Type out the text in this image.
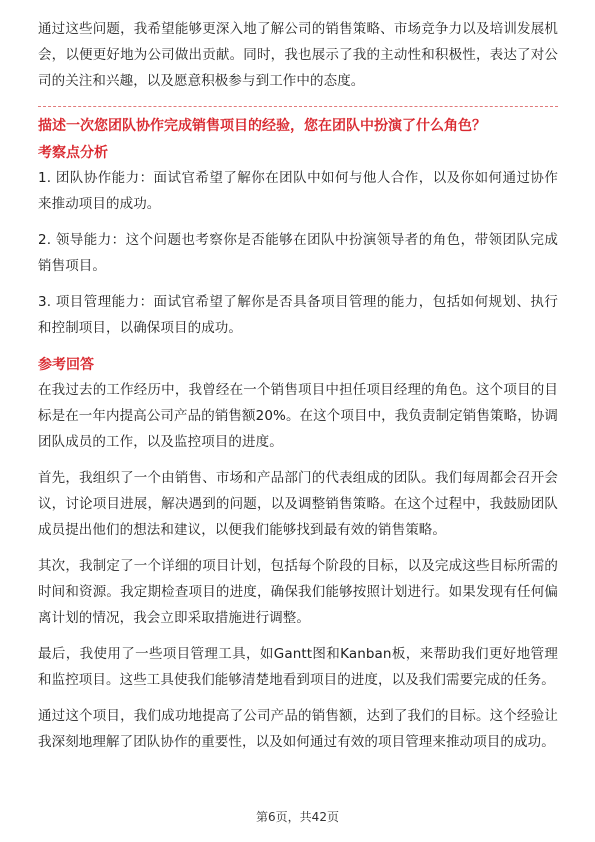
通过这些问题，我希望能够更深入地了解公司的销售策略、市场竞争力以及培训发展机会，以便更好地为公司做出贡献。同时，我也展示了我的主动性和积极性，表达了对公司的关注和兴趣，以及愿意积极参与到工作中的态度。

描述一次您团队协作完成销售项目的经验，您在团队中扮演了什么角色？
考察点分析

1. 团队协作能力：面试官希望了解你在团队中如何与他人合作，以及你如何通过协作来推动项目的成功。

2. 领导能力：这个问题也考察你是否能够在团队中扮演领导者的角色，带领团队完成销售项目。

3. 项目管理能力：面试官希望了解你是否具备项目管理的能力，包括如何规划、执行和控制项目，以确保项目的成功。

参考回答

在我过去的工作经历中，我曾经在一个销售项目中担任项目经理的角色。这个项目的目标是在一年内提高公司产品的销售额20%。在这个项目中，我负责制定销售策略，协调团队成员的工作，以及监控项目的进度。

首先，我组织了一个由销售、市场和产品部门的代表组成的团队。我们每周都会召开会议，讨论项目进展，解决遇到的问题，以及调整销售策略。在这个过程中，我鼓励团队成员提出他们的想法和建议，以便我们能够找到最有效的销售策略。

其次，我制定了一个详细的项目计划，包括每个阶段的目标，以及完成这些目标所需的时间和资源。我定期检查项目的进度，确保我们能够按照计划进行。如果发现有任何偏离计划的情况，我会立即采取措施进行调整。

最后，我使用了一些项目管理工具，如Gantt图和Kanban板，来帮助我们更好地管理和监控项目。这些工具使我们能够清楚地看到项目的进度，以及我们需要完成的任务。

通过这个项目，我们成功地提高了公司产品的销售额，达到了我们的目标。这个经验让我深刻地理解了团队协作的重要性，以及如何通过有效的项目管理来推动项目的成功。

第6页，共42页
